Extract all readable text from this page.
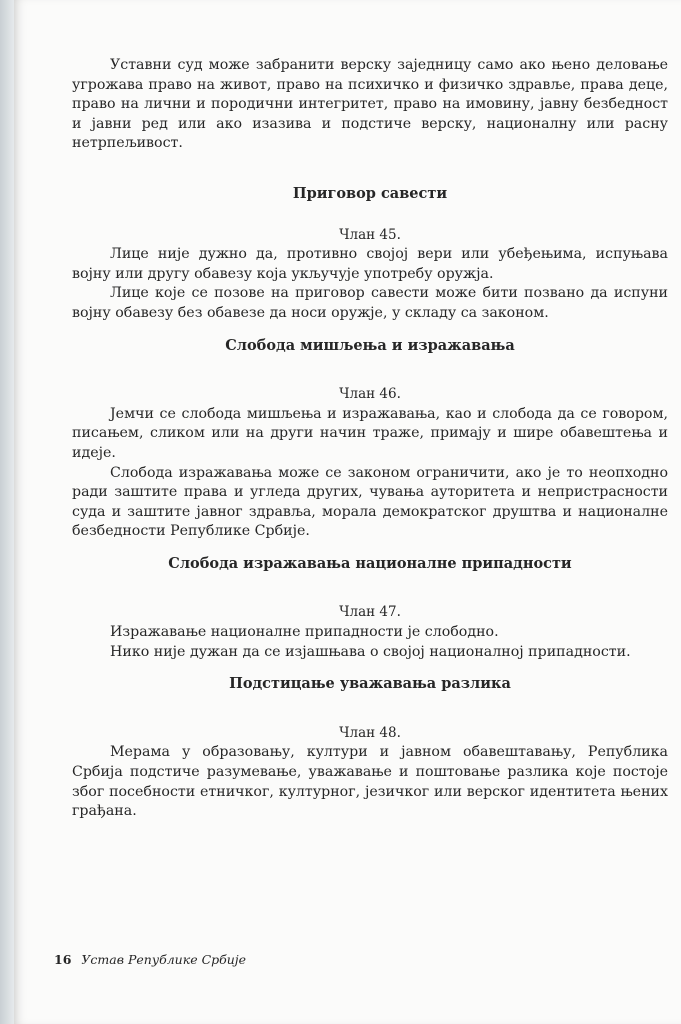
Уставни суд може забранити верску заједницу само ако њено деловање угрожава право на живот, право на психичко и физичко здравље, права деце, право на лични и породични интегритет, право на имовину, јавну безбедност и јавни ред или ако изазива и подстиче верску, националну или расну нетрпељивост.

Приговор савести

Члан 45.

Лице није дужно да, противно својој вери или убеђењима, испуњава војну или другу обавезу која укључује употребу оружја.

Лице које се позове на приговор савести може бити позвано да испуни војну обавезу без обавезе да носи оружје, у складу са законом.

Слобода мишљења и изражавања

Члан 46.

Јемчи се слобода мишљења и изражавања, као и слобода да се говором, писањем, сликом или на други начин траже, примају и шире обавештења и идеје.

Слобода изражавања може се законом ограничити, ако је то неопходно ради заштите права и угледа других, чувања ауторитета и непристрасности суда и заштите јавног здравља, морала демократског друштва и националне безбедности Републике Србије.

Слобода изражавања националне припадности

Члан 47.

Изражавање националне припадности је слободно.

Нико није дужан да се изјашњава о својој националној припадности.

Подстицање уважавања разлика

Члан 48.

Мерама у образовању, култури и јавном обавештавању, Република Србија подстиче разумевање, уважавање и поштовање разлика које постоје због посебности етничког, културног, језичког или верског идентитета њених грађана.

16 Устав Републике Србије
